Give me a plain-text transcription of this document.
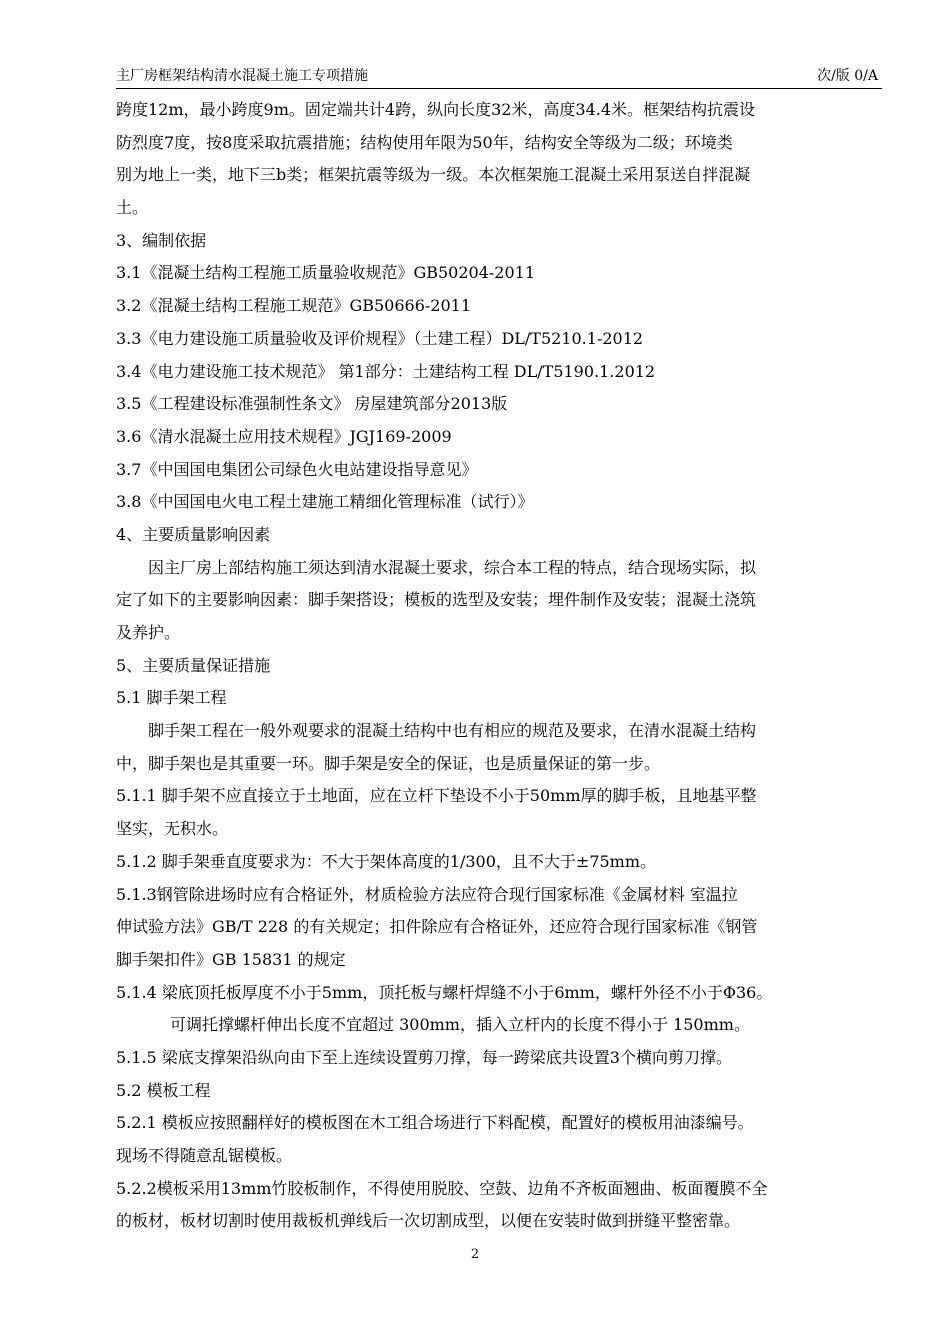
主厂房框架结构清水混凝土施工专项措施	次/版 0/A
跨度12m，最小跨度9m。固定端共计4跨，纵向长度32米，高度34.4米。框架结构抗震设
防烈度7度，按8度采取抗震措施；结构使用年限为50年，结构安全等级为二级；环境类
别为地上一类，地下三b类；框架抗震等级为一级。本次框架施工混凝土采用泵送自拌混凝
土。
3、编制依据
3.1《混凝土结构工程施工质量验收规范》GB50204-2011
3.2《混凝土结构工程施工规范》GB50666-2011
3.3《电力建设施工质量验收及评价规程》（土建工程）DL/T5210.1-2012
3.4《电力建设施工技术规范》 第1部分：土建结构工程 DL/T5190.1.2012
3.5《工程建设标准强制性条文》 房屋建筑部分2013版
3.6《清水混凝土应用技术规程》JGJ169-2009
3.7《中国国电集团公司绿色火电站建设指导意见》
3.8《中国国电火电工程土建施工精细化管理标准（试行）》
4、主要质量影响因素
因主厂房上部结构施工须达到清水混凝土要求，综合本工程的特点，结合现场实际，拟
定了如下的主要影响因素：脚手架搭设；模板的选型及安装；埋件制作及安装；混凝土浇筑
及养护。
5、主要质量保证措施
5.1 脚手架工程
脚手架工程在一般外观要求的混凝土结构中也有相应的规范及要求，在清水混凝土结构
中，脚手架也是其重要一环。脚手架是安全的保证，也是质量保证的第一步。
5.1.1 脚手架不应直接立于土地面，应在立杆下垫设不小于50mm厚的脚手板，且地基平整
坚实，无积水。
5.1.2 脚手架垂直度要求为：不大于架体高度的1/300，且不大于±75mm。
5.1.3钢管除进场时应有合格证外，材质检验方法应符合现行国家标准《金属材料 室温拉
伸试验方法》GB/T 228 的有关规定；扣件除应有合格证外，还应符合现行国家标准《钢管
脚手架扣件》GB 15831 的规定
5.1.4 梁底顶托板厚度不小于5mm，顶托板与螺杆焊缝不小于6mm，螺杆外径不小于Φ36。
可调托撑螺杆伸出长度不宜超过 300mm，插入立杆内的长度不得小于 150mm。
5.1.5 梁底支撑架沿纵向由下至上连续设置剪刀撑，每一跨梁底共设置3个横向剪刀撑。
5.2 模板工程
5.2.1 模板应按照翻样好的模板图在木工组合场进行下料配模，配置好的模板用油漆编号。
现场不得随意乱锯模板。
5.2.2模板采用13mm竹胶板制作，不得使用脱胶、空鼓、边角不齐板面翘曲、板面覆膜不全
的板材，板材切割时使用裁板机弹线后一次切割成型，以便在安装时做到拼缝平整密靠。
2
